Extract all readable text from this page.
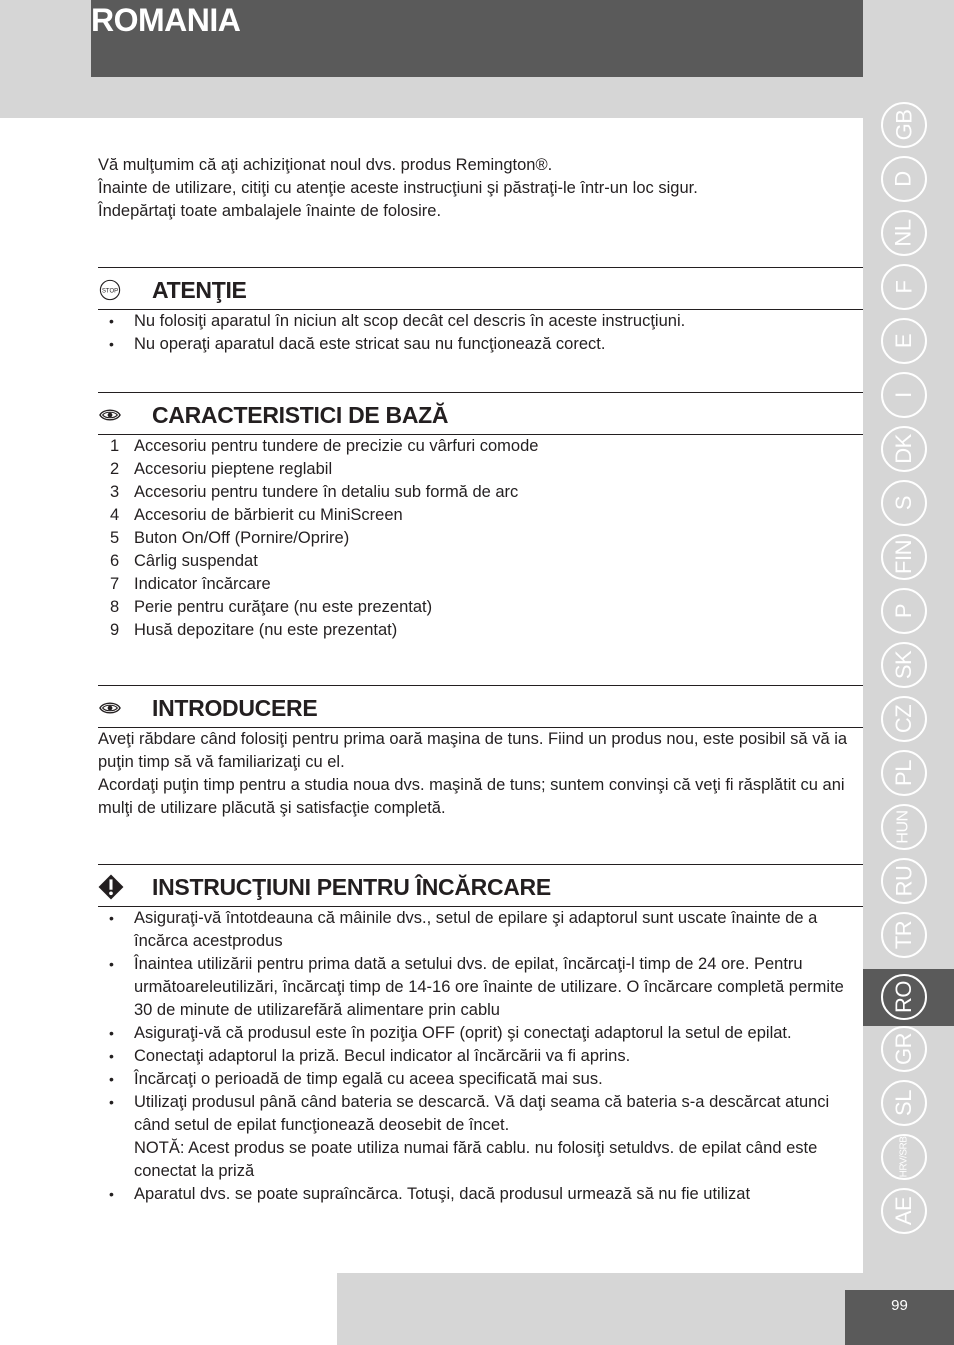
ROMANIA

Vă mulţumim că aţi achiziţionat noul dvs. produs Remington®.

Înainte de utilizare, citiţi cu atenţie aceste instrucţiuni şi păstraţi-le într-un loc sigur.

Îndepărtaţi toate ambalajele înainte de folosire.

STOP ATENŢIE
• Nu folosiţi aparatul în niciun alt scop decât cel descris în aceste instrucţiuni.
• Nu operaţi aparatul dacă este stricat sau nu funcţionează corect.
CARACTERISTICI DE BAZĂ
1 Accesoriu pentru tundere de precizie cu vârfuri comode
2 Accesoriu pieptene reglabil
3 Accesoriu pentru tundere în detaliu sub formă de arc
4 Accesoriu de bărbierit cu MiniScreen
5 Buton On/Off (Pornire/Oprire)
6 Cârlig suspendat
7 Indicator încărcare
8 Perie pentru curăţare (nu este prezentat)
9 Husă depozitare (nu este prezentat)
INTRODUCERE

Aveţi răbdare când folosiţi pentru prima oară maşina de tuns. Fiind un produs nou, este posibil să vă ia puţin timp să vă familiarizaţi cu el.

Acordaţi puţin timp pentru a studia noua dvs. maşină de tuns; suntem convinşi că veţi fi răsplătit cu ani mulţi de utilizare plăcută şi satisfacţie completă.

INSTRUCŢIUNI PENTRU ÎNCĂRCARE
• Asiguraţi-vă întotdeauna că mâinile dvs., setul de epilare şi adaptorul sunt uscate înainte de a încărca acestprodus
• Înaintea utilizării pentru prima dată a setului dvs. de epilat, încărcaţi-l timp de 24 ore. Pentru următoareleutilizări, încărcaţi timp de 14-16 ore înainte de utilizare. O încărcare completă permite 30 de minute de utilizarefără alimentare prin cablu
• Asiguraţi-vă că produsul este în poziţia OFF (oprit) şi conectaţi adaptorul la setul de epilat.
• Conectaţi adaptorul la priză. Becul indicator al încărcării va fi aprins.
• Încărcaţi o perioadă de timp egală cu aceea specificată mai sus.
• Utilizaţi produsul până când bateria se descarcă. Vă daţi seama că bateria s-a descărcat atunci când setul de epilat funcţionează deosebit de încet.
NOTĂ: Acest produs se poate utiliza numai fără cablu. nu folosiţi setuldvs. de epilat când este conectat la priză
• Aparatul dvs. se poate supraîncărca. Totuşi, dacă produsul urmează să nu fie utilizat
GB
D
NL
F
E
I
DK
S
FIN
P
SK
CZ
PL
HUN
RU
TR
RO
GR
SL
HRV/SRB
AE
99
